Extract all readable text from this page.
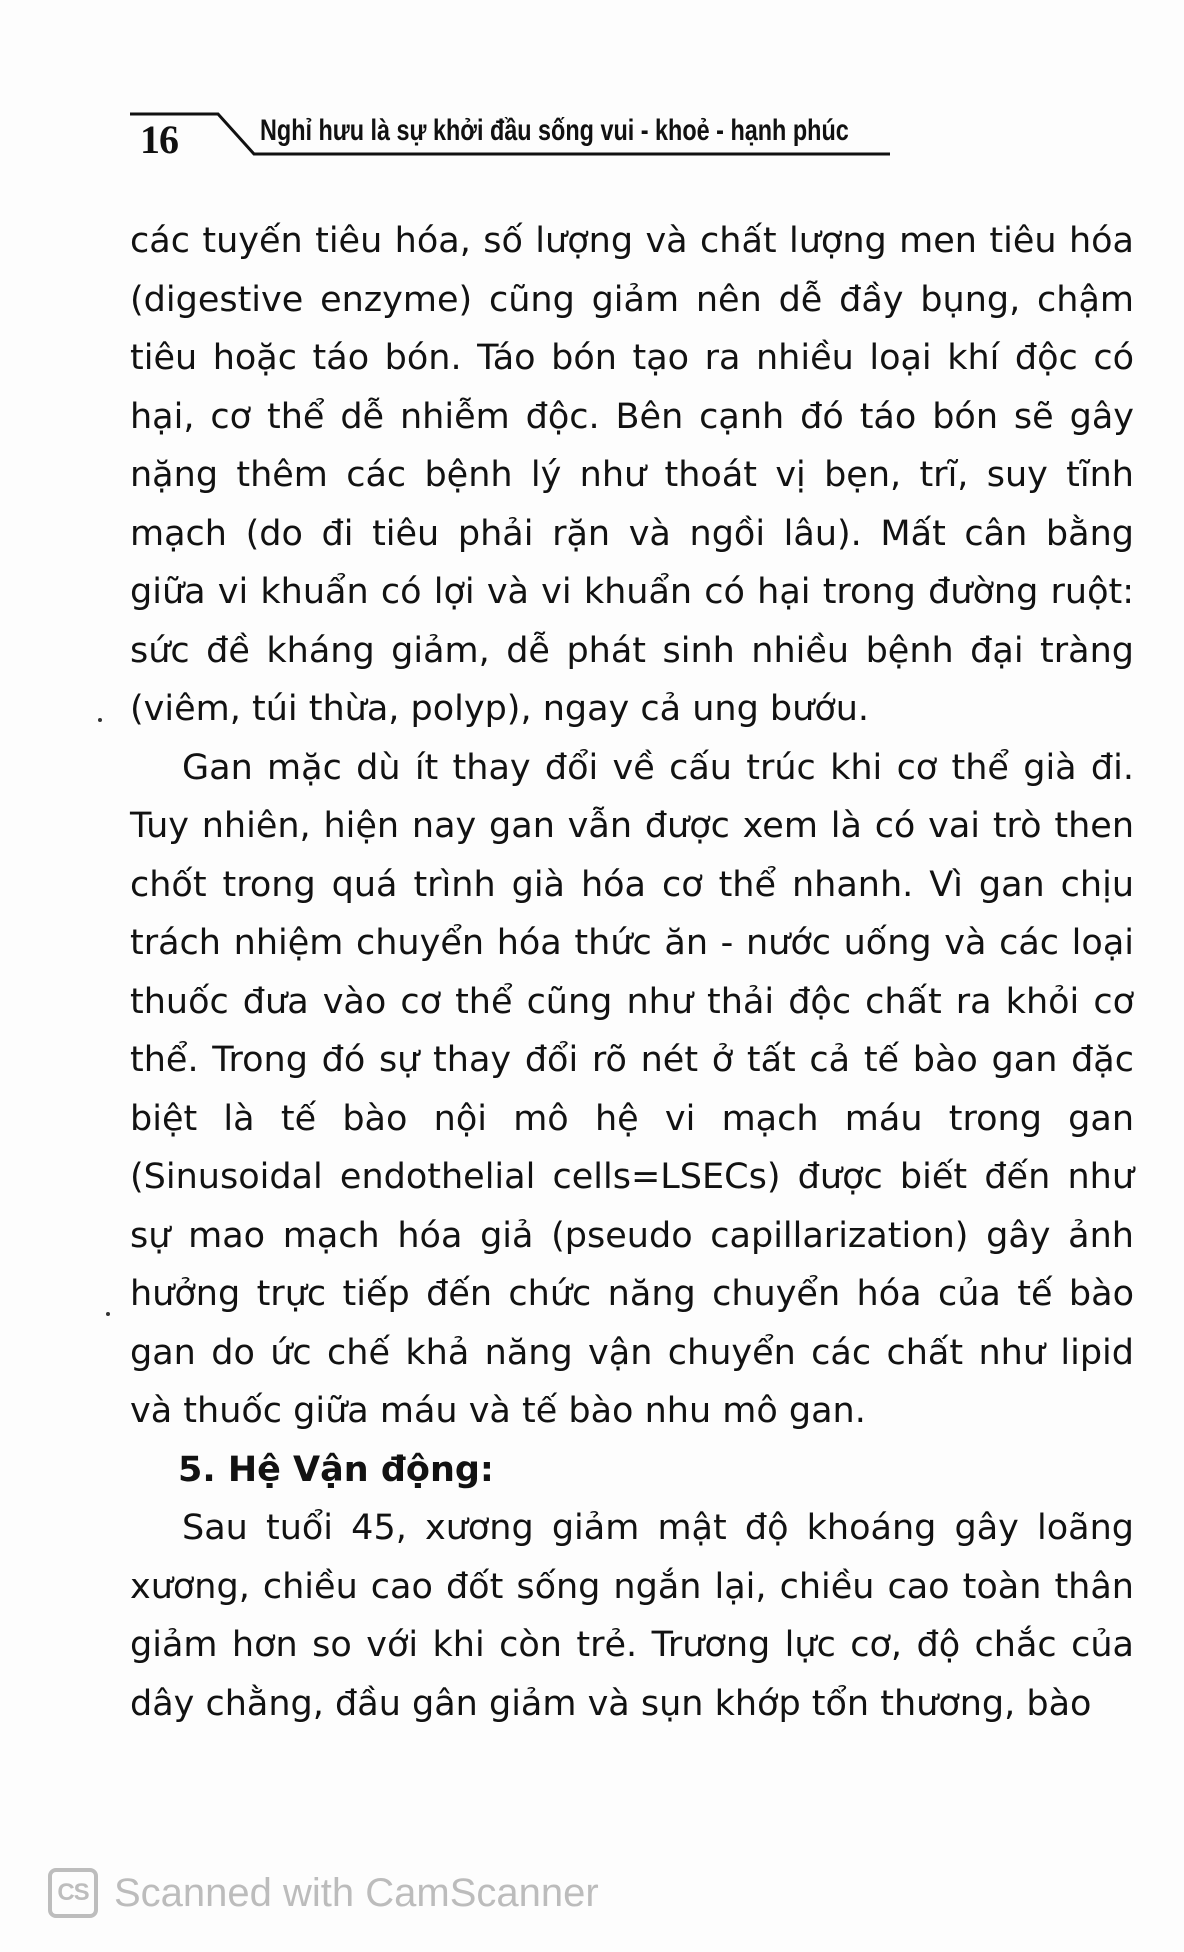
16	Nghỉ hưu là sự khởi đầu sống vui - khoẻ - hạnh phúc

các tuyến tiêu hóa, số lượng và chất lượng men tiêu hóa (digestive enzyme) cũng giảm nên dễ đầy bụng, chậm tiêu hoặc táo bón. Táo bón tạo ra nhiều loại khí độc có hại, cơ thể dễ nhiễm độc. Bên cạnh đó táo bón sẽ gây nặng thêm các bệnh lý như thoát vị bẹn, trĩ, suy tĩnh mạch (do đi tiêu phải rặn và ngồi lâu). Mất cân bằng giữa vi khuẩn có lợi và vi khuẩn có hại trong đường ruột: sức đề kháng giảm, dễ phát sinh nhiều bệnh đại tràng (viêm, túi thừa, polyp), ngay cả ung bướu.

Gan mặc dù ít thay đổi về cấu trúc khi cơ thể già đi. Tuy nhiên, hiện nay gan vẫn được xem là có vai trò then chốt trong quá trình già hóa cơ thể nhanh. Vì gan chịu trách nhiệm chuyển hóa thức ăn - nước uống và các loại thuốc đưa vào cơ thể cũng như thải độc chất ra khỏi cơ thể. Trong đó sự thay đổi rõ nét ở tất cả tế bào gan đặc biệt là tế bào nội mô hệ vi mạch máu trong gan (Sinusoidal endothelial cells=LSECs) được biết đến như sự mao mạch hóa giả (pseudo capillarization) gây ảnh hưởng trực tiếp đến chức năng chuyển hóa của tế bào gan do ức chế khả năng vận chuyển các chất như lipid và thuốc giữa máu và tế bào nhu mô gan.

5. Hệ Vận động:

Sau tuổi 45, xương giảm mật độ khoáng gây loãng xương, chiều cao đốt sống ngắn lại, chiều cao toàn thân giảm hơn so với khi còn trẻ. Trương lực cơ, độ chắc của dây chằng, đầu gân giảm và sụn khớp tổn thương, bào

CS Scanned with CamScanner
